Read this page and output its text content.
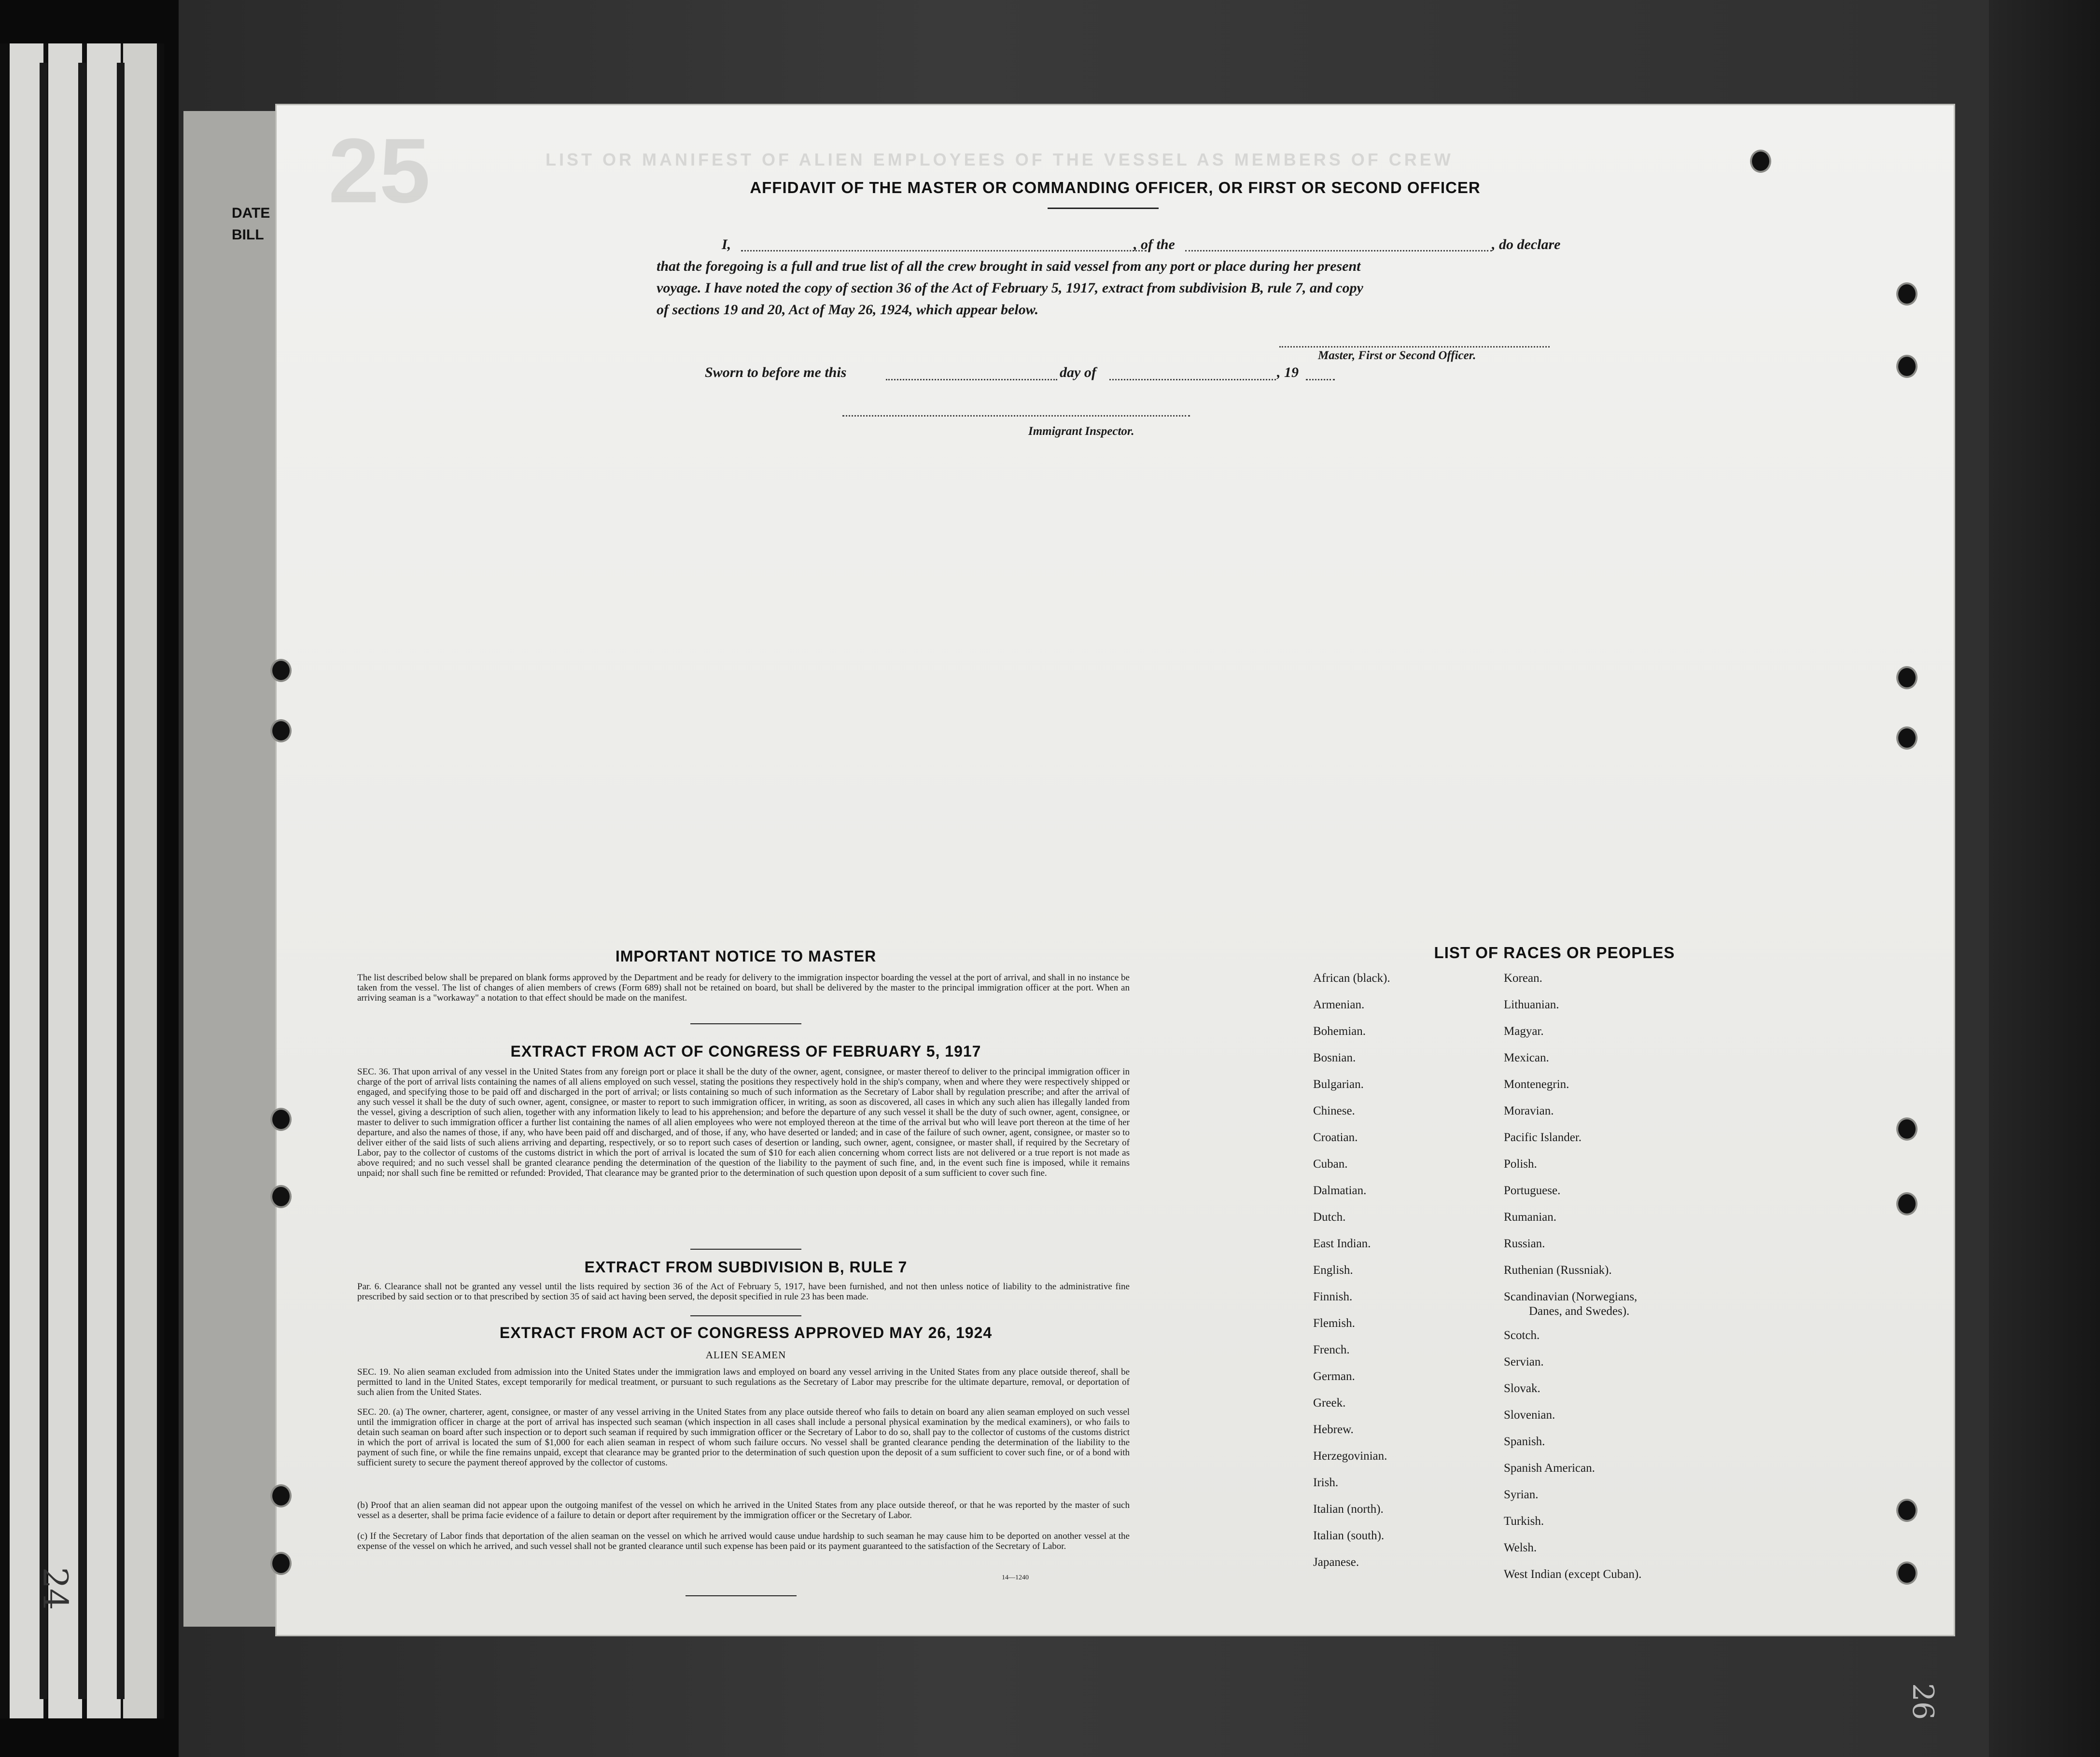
24
DATE
BILL
25	LIST OR MANIFEST OF ALIEN EMPLOYEES OF THE VESSEL AS MEMBERS OF CREW
AFFIDAVIT OF THE MASTER OR COMMANDING OFFICER, OR FIRST OR SECOND OFFICER
I,	, of the	, do declare
that the foregoing is a full and true list of all the crew brought in said vessel from any port or place during her present
voyage. I have noted the copy of section 36 of the Act of February 5, 1917, extract from subdivision B, rule 7, and copy
of sections 19 and 20, Act of May 26, 1924, which appear below.
Master, First or Second Officer.
Sworn to before me this	day of	, 19
Immigrant Inspector.
IMPORTANT NOTICE TO MASTER
The list described below shall be prepared on blank forms approved by the Department and be ready for delivery to the immigration inspector boarding the vessel at the port of arrival, and shall in no instance be taken from the vessel. The list of changes of alien members of crews (Form 689) shall not be retained on board, but shall be delivered by the master to the principal immigration officer at the port. When an arriving seaman is a "workaway" a notation to that effect should be made on the manifest.
EXTRACT FROM ACT OF CONGRESS OF FEBRUARY 5, 1917
SEC. 36. That upon arrival of any vessel in the United States from any foreign port or place it shall be the duty of the owner, agent, consignee, or master thereof to deliver to the principal immigration officer in charge of the port of arrival lists containing the names of all aliens employed on such vessel, stating the positions they respectively hold in the ship's company, when and where they were respectively shipped or engaged, and specifying those to be paid off and discharged in the port of arrival; or lists containing so much of such information as the Secretary of Labor shall by regulation prescribe; and after the arrival of any such vessel it shall be the duty of such owner, agent, consignee, or master to report to such immigration officer, in writing, as soon as discovered, all cases in which any such alien has illegally landed from the vessel, giving a description of such alien, together with any information likely to lead to his apprehension; and before the departure of any such vessel it shall be the duty of such owner, agent, consignee, or master to deliver to such immigration officer a further list containing the names of all alien employees who were not employed thereon at the time of the arrival but who will leave port thereon at the time of her departure, and also the names of those, if any, who have been paid off and discharged, and of those, if any, who have deserted or landed; and in case of the failure of such owner, agent, consignee, or master so to deliver either of the said lists of such aliens arriving and departing, respectively, or so to report such cases of desertion or landing, such owner, agent, consignee, or master shall, if required by the Secretary of Labor, pay to the collector of customs of the customs district in which the port of arrival is located the sum of $10 for each alien concerning whom correct lists are not delivered or a true report is not made as above required; and no such vessel shall be granted clearance pending the determination of the question of the liability to the payment of such fine, and, in the event such fine is imposed, while it remains unpaid; nor shall such fine be remitted or refunded: Provided, That clearance may be granted prior to the determination of such question upon deposit of a sum sufficient to cover such fine.
EXTRACT FROM SUBDIVISION B, RULE 7
Par. 6. Clearance shall not be granted any vessel until the lists required by section 36 of the Act of February 5, 1917, have been furnished, and not then unless notice of liability to the administrative fine prescribed by said section or to that prescribed by section 35 of said act having been served, the deposit specified in rule 23 has been made.
EXTRACT FROM ACT OF CONGRESS APPROVED MAY 26, 1924
ALIEN SEAMEN
SEC. 19. No alien seaman excluded from admission into the United States under the immigration laws and employed on board any vessel arriving in the United States from any place outside thereof, shall be permitted to land in the United States, except temporarily for medical treatment, or pursuant to such regulations as the Secretary of Labor may prescribe for the ultimate departure, removal, or deportation of such alien from the United States.
SEC. 20. (a) The owner, charterer, agent, consignee, or master of any vessel arriving in the United States from any place outside thereof who fails to detain on board any alien seaman employed on such vessel until the immigration officer in charge at the port of arrival has inspected such seaman (which inspection in all cases shall include a personal physical examination by the medical examiners), or who fails to detain such seaman on board after such inspection or to deport such seaman if required by such immigration officer or the Secretary of Labor to do so, shall pay to the collector of customs of the customs district in which the port of arrival is located the sum of $1,000 for each alien seaman in respect of whom such failure occurs. No vessel shall be granted clearance pending the determination of the liability to the payment of such fine, or while the fine remains unpaid, except that clearance may be granted prior to the determination of such question upon the deposit of a sum sufficient to cover such fine, or of a bond with sufficient surety to secure the payment thereof approved by the collector of customs.
(b) Proof that an alien seaman did not appear upon the outgoing manifest of the vessel on which he arrived in the United States from any place outside thereof, or that he was reported by the master of such vessel as a deserter, shall be prima facie evidence of a failure to detain or deport after requirement by the immigration officer or the Secretary of Labor.
(c) If the Secretary of Labor finds that deportation of the alien seaman on the vessel on which he arrived would cause undue hardship to such seaman he may cause him to be deported on another vessel at the expense of the vessel on which he arrived, and such vessel shall not be granted clearance until such expense has been paid or its payment guaranteed to the satisfaction of the Secretary of Labor.
14—1240
LIST OF RACES OR PEOPLES
African (black).
Armenian.
Bohemian.
Bosnian.
Bulgarian.
Chinese.
Croatian.
Cuban.
Dalmatian.
Dutch.
East Indian.
English.
Finnish.
Flemish.
French.
German.
Greek.
Hebrew.
Herzegovinian.
Irish.
Italian (north).
Italian (south).
Japanese.
Korean.
Lithuanian.
Magyar.
Mexican.
Montenegrin.
Moravian.
Pacific Islander.
Polish.
Portuguese.
Rumanian.
Russian.
Ruthenian (Russniak).
Scandinavian (Norwegians,
Danes, and Swedes).
Scotch.
Servian.
Slovak.
Slovenian.
Spanish.
Spanish American.
Syrian.
Turkish.
Welsh.
West Indian (except Cuban).
26
